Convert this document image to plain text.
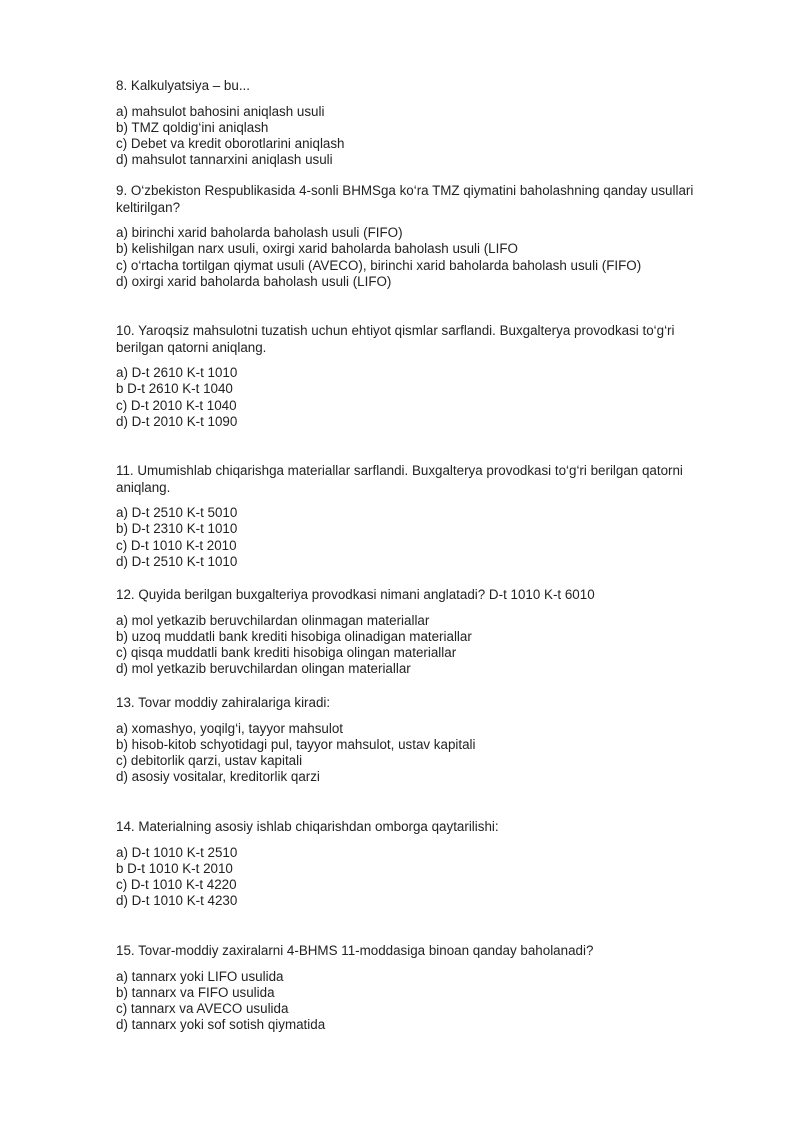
8. Kalkulyatsiya – bu...

a) mahsulot bahosini aniqlash usuli
b) TMZ qoldig‘ini aniqlash
c) Debet va kredit oborotlarini aniqlash
d) mahsulot tannarxini aniqlash usuli

9. O‘zbekiston Respublikasida 4-sonli BHMSga ko‘ra TMZ qiymatini baholashning qanday usullari keltirilgan?

a) birinchi xarid baholarda baholash usuli (FIFO)
b) kelishilgan narx usuli, oxirgi xarid baholarda baholash usuli (LIFO
c) o‘rtacha tortilgan qiymat usuli (AVECO), birinchi xarid baholarda baholash usuli (FIFO)
d) oxirgi xarid baholarda baholash usuli (LIFO)

10. Yaroqsiz mahsulotni tuzatish uchun ehtiyot qismlar sarflandi. Buxgalterya provodkasi to‘g‘ri berilgan qatorni aniqlang.

a) D-t 2610 K-t 1010
b D-t 2610 K-t 1040
c) D-t 2010 K-t 1040
d) D-t 2010 K-t 1090

11. Umumishlab chiqarishga materiallar sarflandi. Buxgalterya provodkasi to‘g‘ri berilgan qatorni aniqlang.

a) D-t 2510 K-t 5010
b) D-t 2310 K-t 1010
c) D-t 1010 K-t 2010
d) D-t 2510 K-t 1010

12. Quyida berilgan buxgalteriya provodkasi nimani anglatadi? D-t 1010 K-t 6010

a) mol yetkazib beruvchilardan olinmagan materiallar
b) uzoq muddatli bank krediti hisobiga olinadigan materiallar
c) qisqa muddatli bank krediti hisobiga olingan materiallar
d) mol yetkazib beruvchilardan olingan materiallar

13. Tovar moddiy zahiralariga kiradi:

a) xomashyo, yoqilg‘i, tayyor mahsulot
b) hisob-kitob schyotidagi pul, tayyor mahsulot, ustav kapitali
c) debitorlik qarzi, ustav kapitali
d) asosiy vositalar, kreditorlik qarzi

14. Materialning asosiy ishlab chiqarishdan omborga qaytarilishi:

a) D-t 1010 K-t 2510
b D-t 1010 K-t 2010
c) D-t 1010 K-t 4220
d) D-t 1010 K-t 4230

15. Tovar-moddiy zaxiralarni 4-BHMS 11-moddasiga binoan qanday baholanadi?

a) tannarx yoki LIFO usulida
b) tannarx va FIFO usulida
c) tannarx va AVECO usulida
d) tannarx yoki sof sotish qiymatida
